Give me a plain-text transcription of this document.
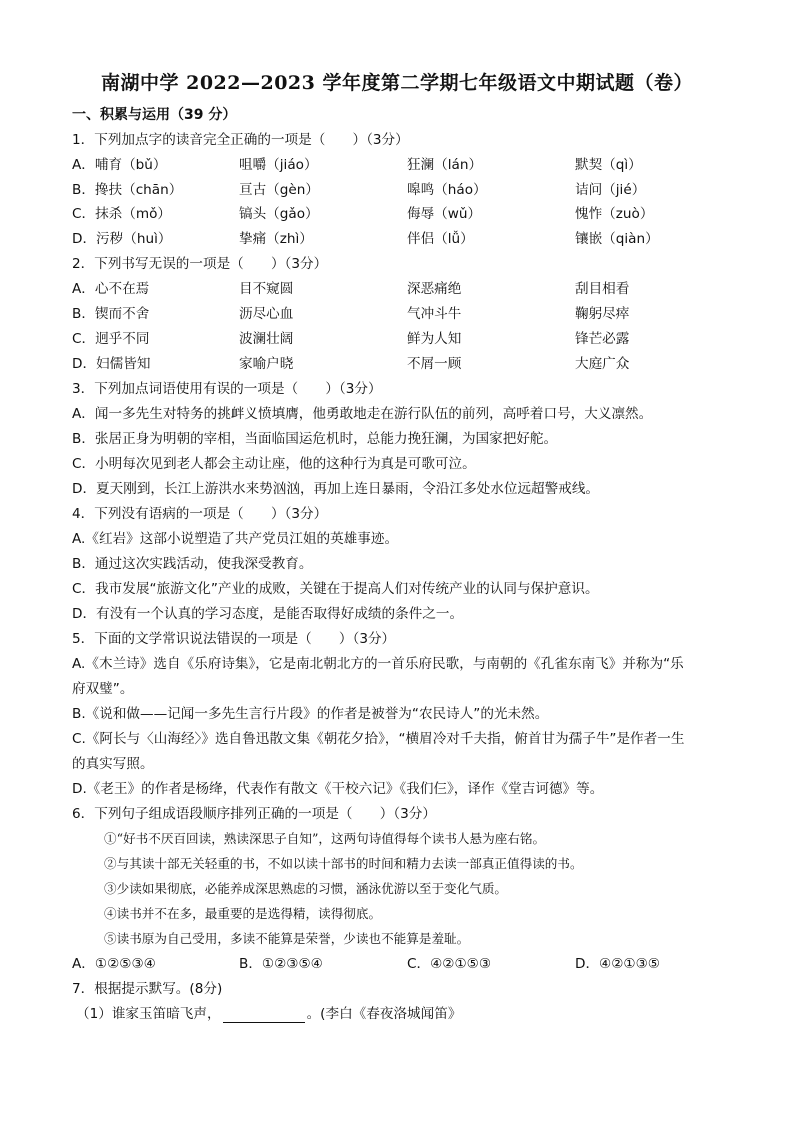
南湖中学 2022—2023 学年度第二学期七年级语文中期试题（卷）
一、积累与运用（39 分）
1．下列加点字的读音完全正确的一项是（　　）（3分）
A．哺育（bǔ）	咀嚼（jiáo）	狂澜（lán）	默契（qì）
B．搀扶（chān）	亘古（gèn）	嗥鸣（háo）	诘问（jié）
C．抹杀（mǒ）	镐头（gǎo）	侮辱（wǔ）	愧怍（zuò）
D．污秽（huì）	挚痛（zhì）	伴侣（lǚ）	镶嵌（qiàn）
2．下列书写无误的一项是（　　）（3分）
A．心不在焉	目不窥圆	深恶痛绝	刮目相看
B．锲而不舍	沥尽心血	气冲斗牛	鞠躬尽瘁
C．迥乎不同	波澜壮阔	鲜为人知	锋芒必露
D．妇儒皆知	家喻户晓	不屑一顾	大庭广众
3．下列加点词语使用有误的一项是（　　）（3分）
A．闻一多先生对特务的挑衅义愤填膺，他勇敢地走在游行队伍的前列，高呼着口号，大义凛然。
B．张居正身为明朝的宰相，当面临国运危机时，总能力挽狂澜，为国家把好舵。
C．小明每次见到老人都会主动让座，他的这种行为真是可歌可泣。
D．夏天刚到，长江上游洪水来势汹汹，再加上连日暴雨，令沿江多处水位远超警戒线。
4．下列没有语病的一项是（　　）（3分）
A.《红岩》这部小说塑造了共产党员江姐的英雄事迹。
B．通过这次实践活动，使我深受教育。
C．我市发展“旅游文化”产业的成败，关键在于提高人们对传统产业的认同与保护意识。
D．有没有一个认真的学习态度，是能否取得好成绩的条件之一。
5．下面的文学常识说法错误的一项是（　　）（3分）
A.《木兰诗》选自《乐府诗集》，它是南北朝北方的一首乐府民歌，与南朝的《孔雀东南飞》并称为“乐
府双璧”。
B.《说和做——记闻一多先生言行片段》的作者是被誉为“农民诗人”的光未然。
C.《阿长与〈山海经〉》选自鲁迅散文集《朝花夕拾》，“横眉冷对千夫指，俯首甘为孺子牛”是作者一生
的真实写照。
D.《老王》的作者是杨绛，代表作有散文《干校六记》《我们仨》，译作《堂吉诃德》等。
6．下列句子组成语段顺序排列正确的一项是（　　）（3分）
①“好书不厌百回读，熟读深思子自知”，这两句诗值得每个读书人悬为座右铭。
②与其读十部无关轻重的书，不如以读十部书的时间和精力去读一部真正值得读的书。
③少读如果彻底，必能养成深思熟虑的习惯，涵泳优游以至于变化气质。
④读书并不在多，最重要的是选得精，读得彻底。
⑤读书原为自己受用，多读不能算是荣誉，少读也不能算是羞耻。
A．①②⑤③④	B．①②③⑤④	C．④②①⑤③	D．④②①③⑤
7．根据提示默写。(8分)
（1）谁家玉笛暗飞声，	。(李白《春夜洛城闻笛》
